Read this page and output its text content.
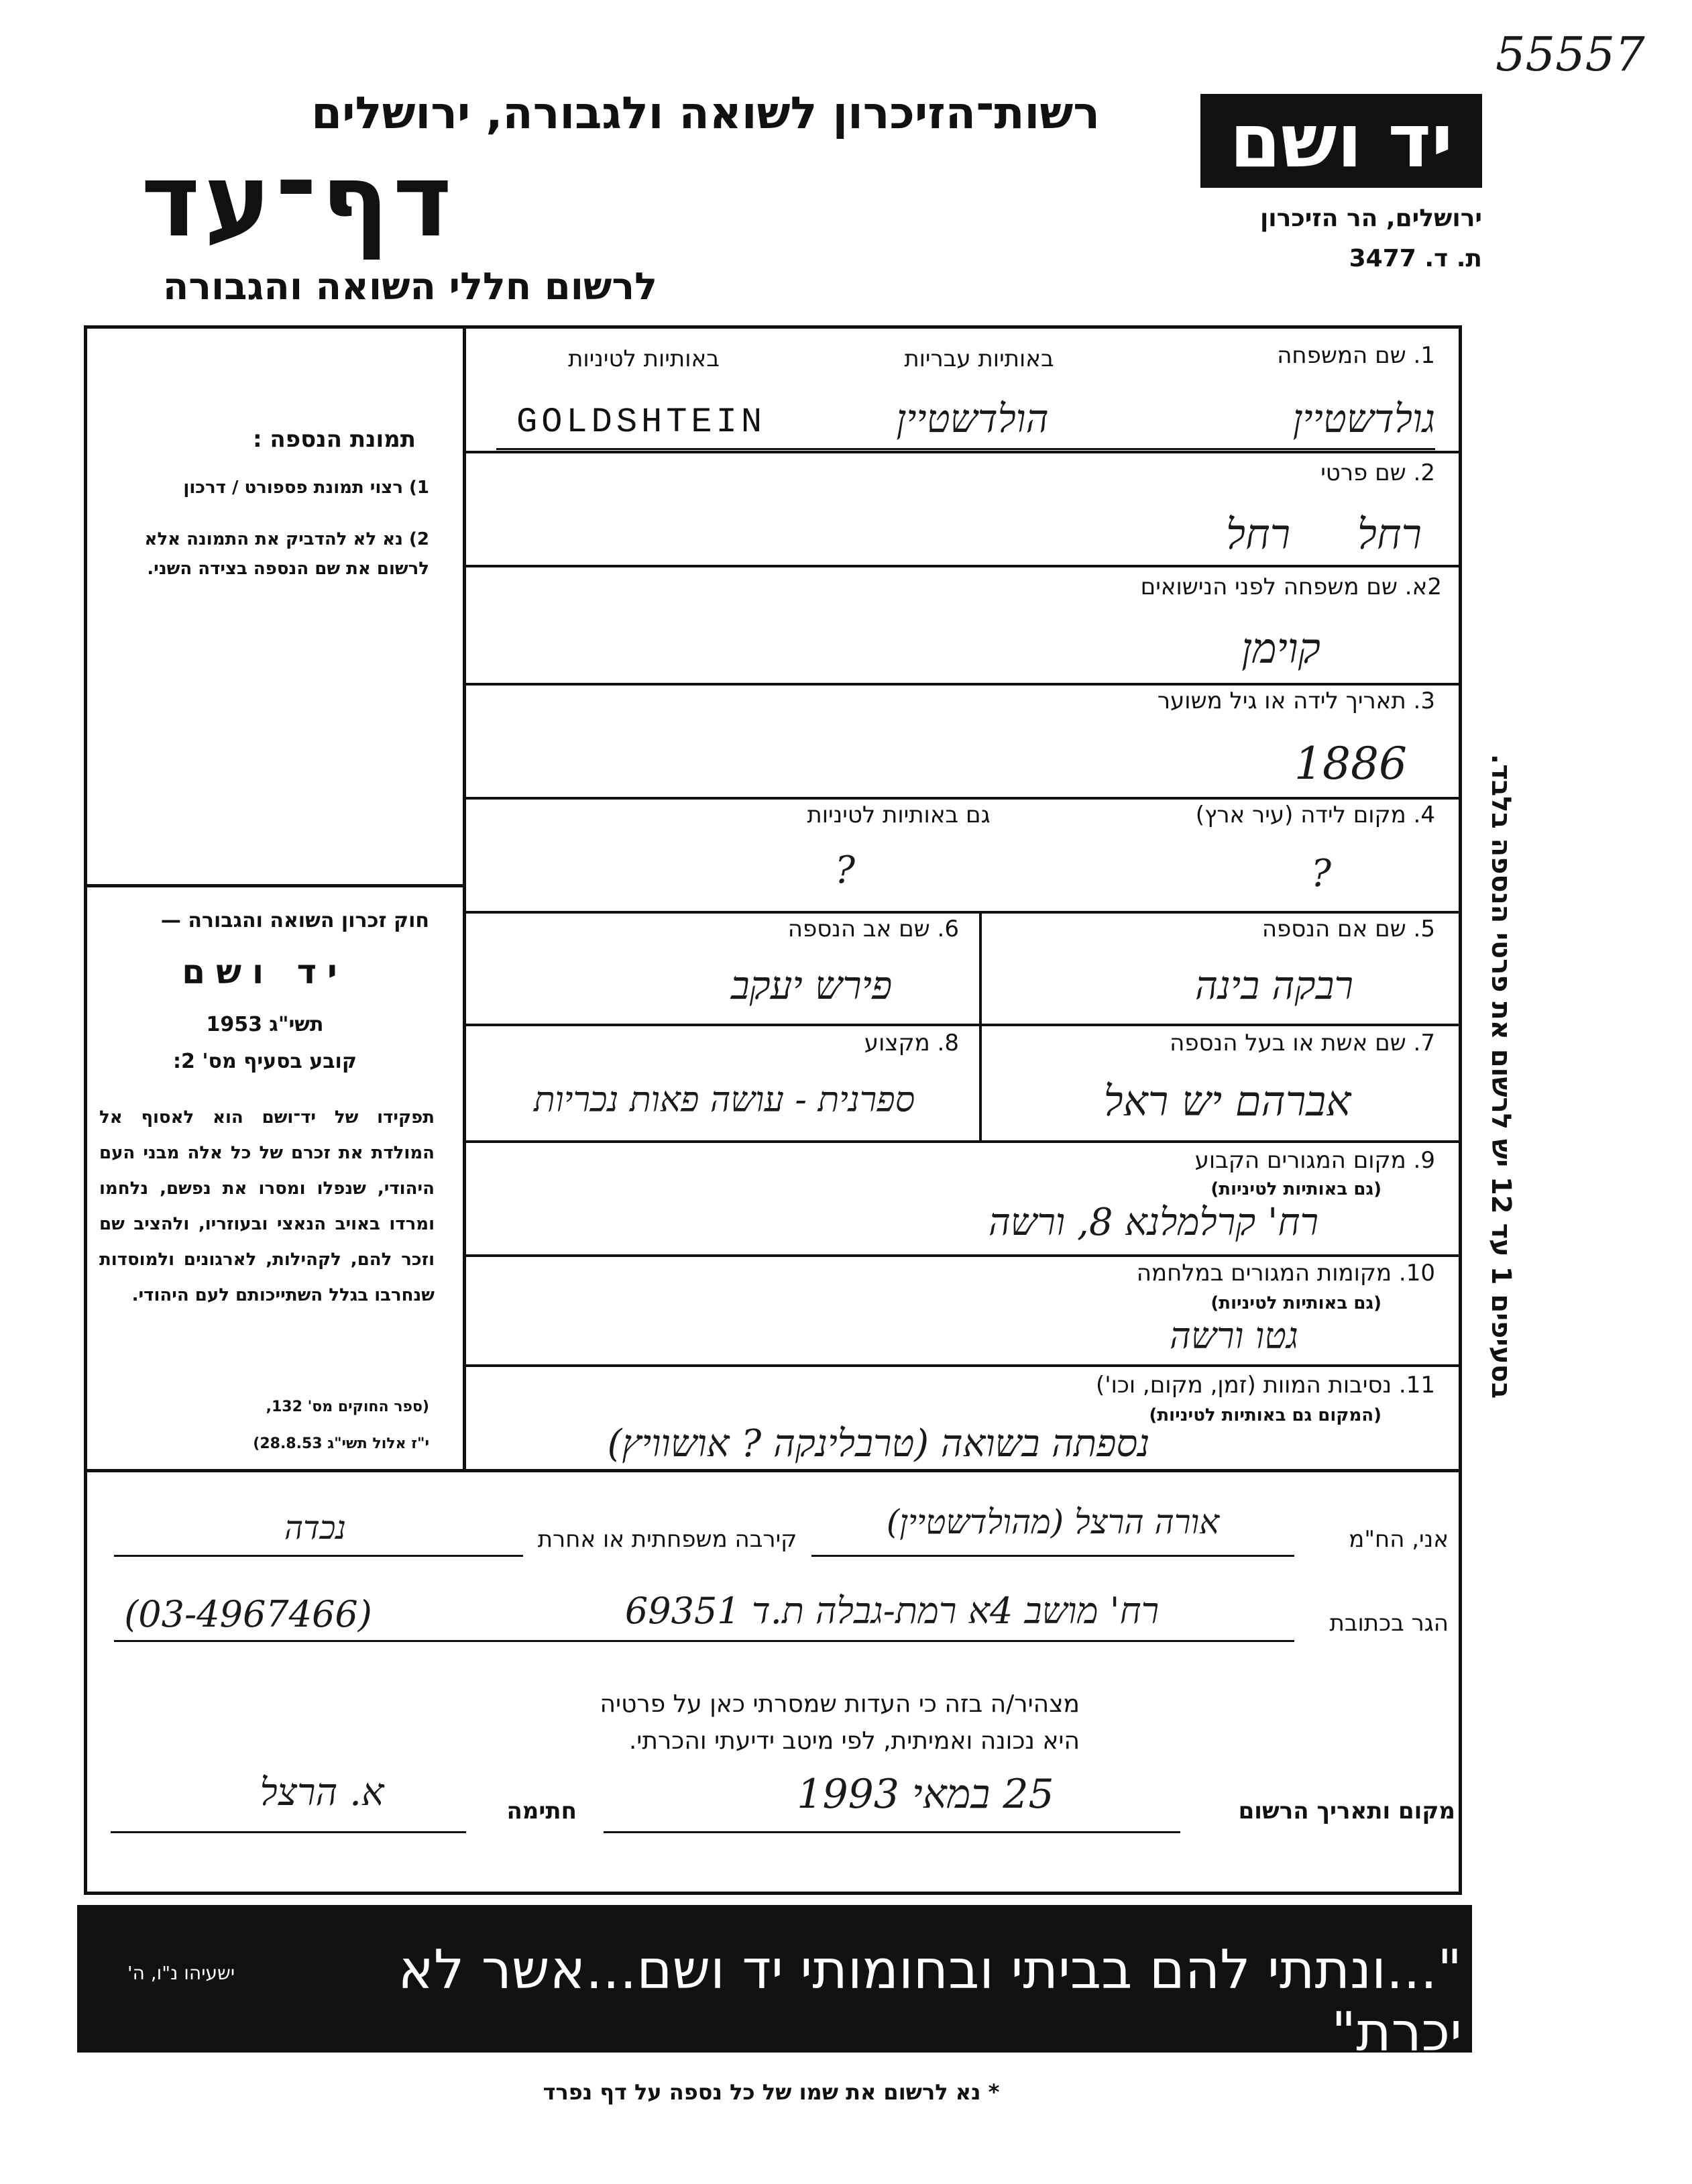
55557
רשות־הזיכרון לשואה ולגבורה, ירושלים
דף־עד
לרשום חללי השואה והגבורה
יד ושם
ירושלים, הר הזיכרון
ת. ד. 3477
תמונת הנספה :
1) רצוי תמונת פספורט / דרכון
2) נא לא להדביק את התמונה אלא לרשום את שם הנספה בצידה השני.
חוק זכרון השואה והגבורה —
יד ושם
תשי"ג 1953
קובע בסעיף מס' 2:
תפקידו של יד־ושם הוא לאסוף אל המולדת את זכרם של כל אלה מבני העם היהודי, שנפלו ומסרו את נפשם, נלחמו ומרדו באויב הנאצי ובעוזריו, ולהציב שם וזכר להם, לקהילות, לארגונים ולמוסדות שנחרבו בגלל השתייכותם לעם היהודי.
(ספר החוקים מס' 132,
י"ז אלול תשי"ג 28.8.53)
1. שם המשפחה
באותיות עבריות
באותיות לטיניות
גולדשטיין
הולדשטיין
GOLDSHTEIN
2. שם פרטי
רחל רחל
2א. שם משפחה לפני הנישואים
קוימן
3. תאריך לידה או גיל משוער
1886
4. מקום לידה (עיר ארץ)
גם באותיות לטיניות
?
?
5. שם אם הנספה
רבקה בינה
6. שם אב הנספה
פירש יעקב
7. שם אשת או בעל הנספה
אברהם יש ראל
8. מקצוע
ספרנית - עושה פאות נכריות
9. מקום המגורים הקבוע
(גם באותיות לטיניות)
רח' קרלמלנא 8, ורשה
10. מקומות המגורים במלחמה
(גם באותיות לטיניות)
גטו ורשה
11. נסיבות המוות (זמן, מקום, וכו')
(המקום גם באותיות לטיניות)
נספתה בשואה (טרבלינקה ? אושוויץ)
אני, הח"מ
אורה הרצל (מהולדשטיין)
קירבה משפחתית או אחרת
נכדה
הגר בכתובת
רח' מושב 4א רמת-גבלה ת.ד 69351
(03-4967466)
מצהיר/ה בזה כי העדות שמסרתי כאן על פרטיה
היא נכונה ואמיתית, לפי מיטב ידיעתי והכרתי.
מקום ותאריך הרשום
25 במאי 1993
חתימה
א. הרצל
"...ונתתי להם בביתי ובחומותי יד ושם...אשר לא יכרת"
ישעיהו נ"ו, ה'
* נא לרשום את שמו של כל נספה על דף נפרד
בסעיפים 1 עד 12 יש לרשום את פרטי הנספה בלבד.
